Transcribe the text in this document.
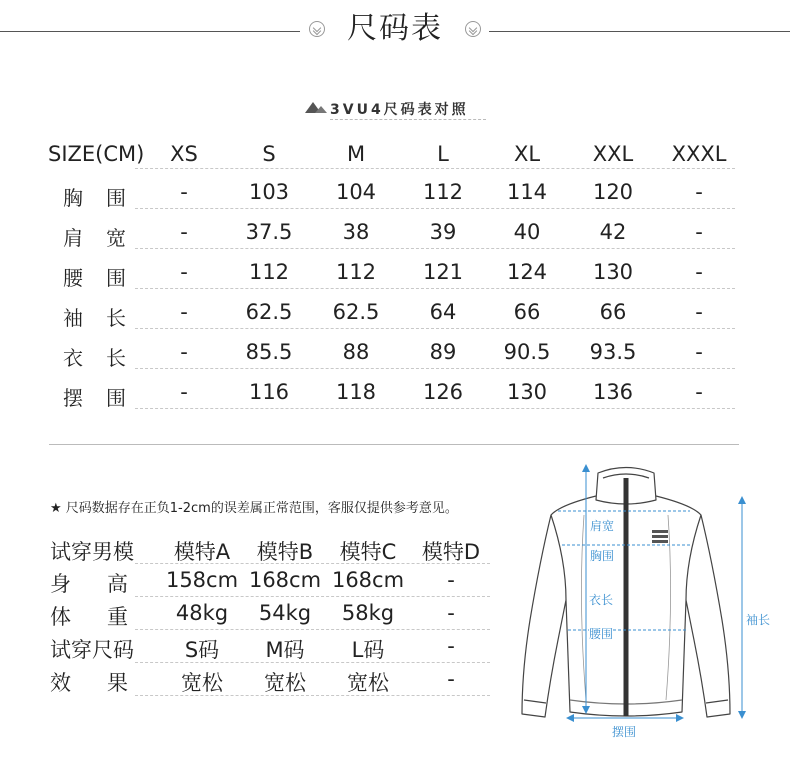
尺码表
3VU4尺码表对照
SIZE(CM)	XS	S	M	L	XL	XXL	XXXL
胸 围	-	103	104	112	114	120	-
肩 宽	-	37.5	38	39	40	42	-
腰 围	-	112	112	121	124	130	-
袖 长	-	62.5	62.5	64	66	66	-
衣 长	-	85.5	88	89	90.5	93.5	-
摆 围	-	116	118	126	130	136	-
★ 尺码数据存在正负1-2cm的误差属正常范围，客服仅提供参考意见。
试穿男模	模特A	模特B	模特C	模特D
身 高	158cm 168cm 168cm	-
体 重	48kg	54kg	58kg	-
试穿尺码	S码	M码	L码	-
效 果	宽松	宽松	宽松	-
肩宽
胸围
衣长
腰围
袖长
摆围
